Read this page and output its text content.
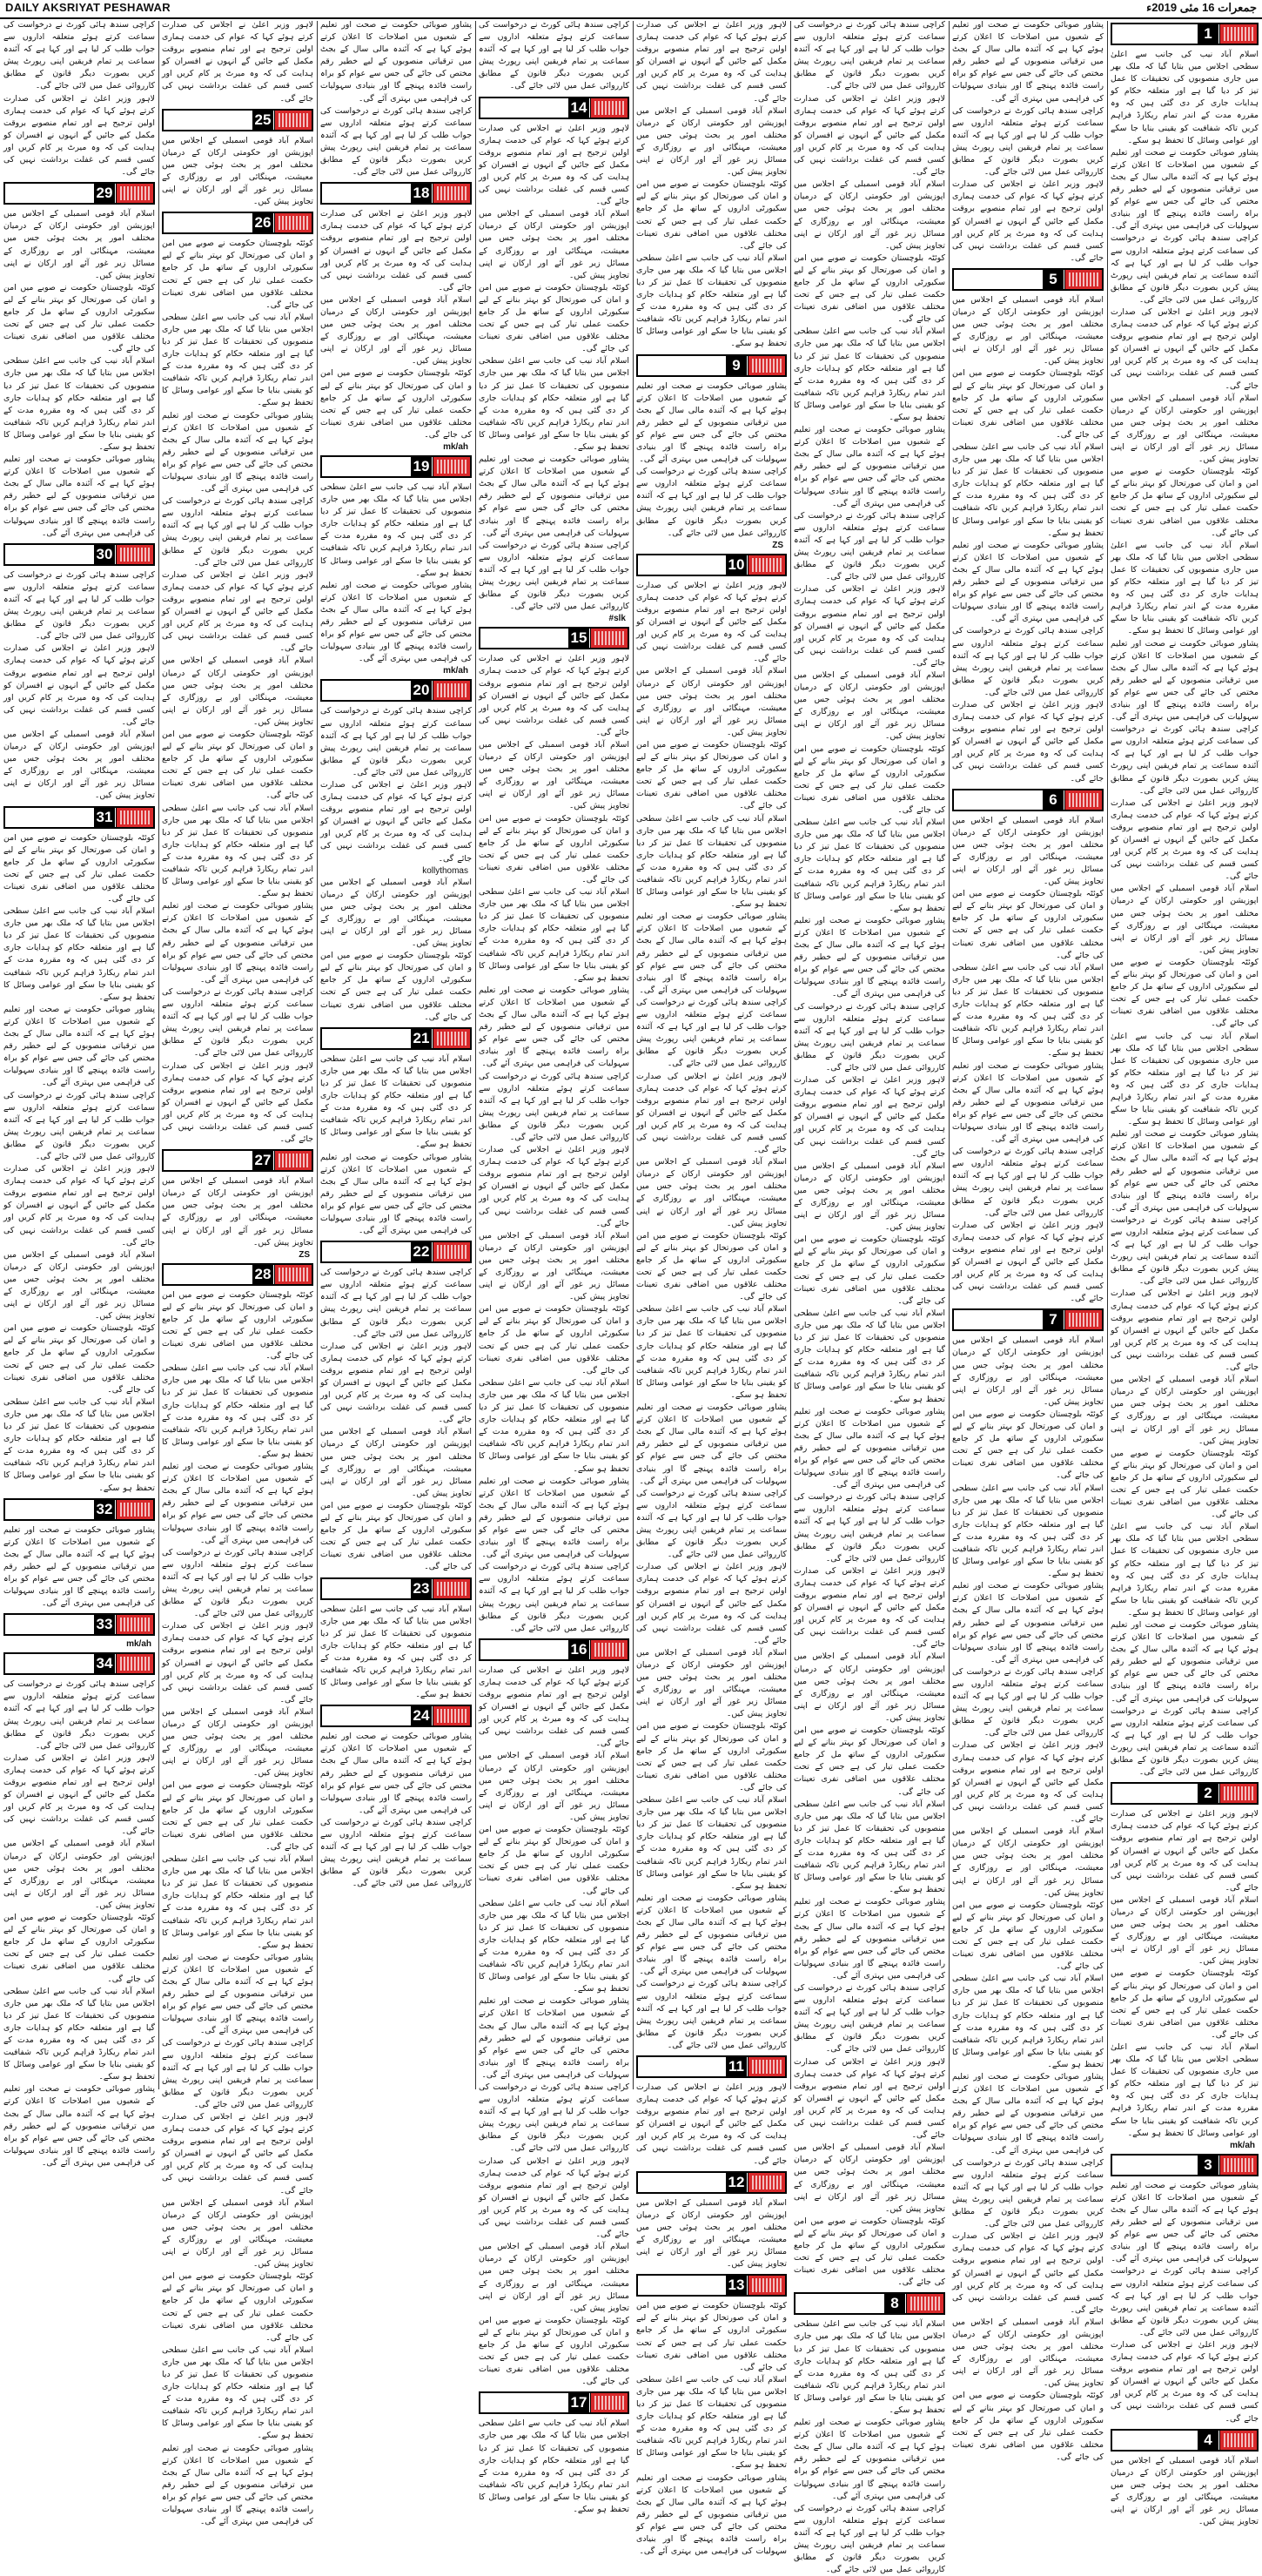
DAILY AKSRIYAT PESHAWAR	جمعرات 16 مئی 2019ء
1
اسلام آباد نیب کی جانب سے اعلیٰ سطحی اجلاس میں بتایا گیا کہ ملک بھر میں جاری منصوبوں کی تحقیقات کا عمل تیز کر دیا گیا ہے اور متعلقہ حکام کو ہدایات جاری کر دی گئی ہیں کہ وہ مقررہ مدت کے اندر تمام ریکارڈ فراہم کریں تاکہ شفافیت کو یقینی بنایا جا سکے اور عوامی وسائل کا تحفظ ہو سکے۔
پشاور صوبائی حکومت نے صحت اور تعلیم کے شعبوں میں اصلاحات کا اعلان کرتے ہوئے کہا ہے کہ آئندہ مالی سال کے بجٹ میں ترقیاتی منصوبوں کے لیے خطیر رقم مختص کی جائے گی جس سے عوام کو براہ راست فائدہ پہنچے گا اور بنیادی سہولیات کی فراہمی میں بہتری آئے گی۔
کراچی سندھ ہائی کورٹ نے درخواست کی سماعت کرتے ہوئے متعلقہ اداروں سے جواب طلب کر لیا ہے اور کہا ہے کہ آئندہ سماعت پر تمام فریقین اپنی رپورٹ پیش کریں بصورت دیگر قانون کے مطابق کارروائی عمل میں لائی جائے گی۔
لاہور وزیر اعلیٰ نے اجلاس کی صدارت کرتے ہوئے کہا کہ عوام کی خدمت ہماری اولین ترجیح ہے اور تمام منصوبے بروقت مکمل کیے جائیں گے انہوں نے افسران کو ہدایت کی کہ وہ میرٹ پر کام کریں اور کسی قسم کی غفلت برداشت نہیں کی جائے گی۔
اسلام آباد قومی اسمبلی کے اجلاس میں اپوزیشن اور حکومتی ارکان کے درمیان مختلف امور پر بحث ہوئی جس میں معیشت، مہنگائی اور بے روزگاری کے مسائل زیر غور آئے اور ارکان نے اپنی تجاویز پیش کیں۔
کوئٹہ بلوچستان حکومت نے صوبے میں امن و امان کی صورتحال کو بہتر بنانے کے لیے سکیورٹی اداروں کے ساتھ مل کر جامع حکمت عملی تیار کی ہے جس کے تحت مختلف علاقوں میں اضافی نفری تعینات کی جائے گی۔
اسلام آباد نیب کی جانب سے اعلیٰ سطحی اجلاس میں بتایا گیا کہ ملک بھر میں جاری منصوبوں کی تحقیقات کا عمل تیز کر دیا گیا ہے اور متعلقہ حکام کو ہدایات جاری کر دی گئی ہیں کہ وہ مقررہ مدت کے اندر تمام ریکارڈ فراہم کریں تاکہ شفافیت کو یقینی بنایا جا سکے اور عوامی وسائل کا تحفظ ہو سکے۔
پشاور صوبائی حکومت نے صحت اور تعلیم کے شعبوں میں اصلاحات کا اعلان کرتے ہوئے کہا ہے کہ آئندہ مالی سال کے بجٹ میں ترقیاتی منصوبوں کے لیے خطیر رقم مختص کی جائے گی جس سے عوام کو براہ راست فائدہ پہنچے گا اور بنیادی سہولیات کی فراہمی میں بہتری آئے گی۔
کراچی سندھ ہائی کورٹ نے درخواست کی سماعت کرتے ہوئے متعلقہ اداروں سے جواب طلب کر لیا ہے اور کہا ہے کہ آئندہ سماعت پر تمام فریقین اپنی رپورٹ پیش کریں بصورت دیگر قانون کے مطابق کارروائی عمل میں لائی جائے گی۔
لاہور وزیر اعلیٰ نے اجلاس کی صدارت کرتے ہوئے کہا کہ عوام کی خدمت ہماری اولین ترجیح ہے اور تمام منصوبے بروقت مکمل کیے جائیں گے انہوں نے افسران کو ہدایت کی کہ وہ میرٹ پر کام کریں اور کسی قسم کی غفلت برداشت نہیں کی جائے گی۔
اسلام آباد قومی اسمبلی کے اجلاس میں اپوزیشن اور حکومتی ارکان کے درمیان مختلف امور پر بحث ہوئی جس میں معیشت، مہنگائی اور بے روزگاری کے مسائل زیر غور آئے اور ارکان نے اپنی تجاویز پیش کیں۔
کوئٹہ بلوچستان حکومت نے صوبے میں امن و امان کی صورتحال کو بہتر بنانے کے لیے سکیورٹی اداروں کے ساتھ مل کر جامع حکمت عملی تیار کی ہے جس کے تحت مختلف علاقوں میں اضافی نفری تعینات کی جائے گی۔
اسلام آباد نیب کی جانب سے اعلیٰ سطحی اجلاس میں بتایا گیا کہ ملک بھر میں جاری منصوبوں کی تحقیقات کا عمل تیز کر دیا گیا ہے اور متعلقہ حکام کو ہدایات جاری کر دی گئی ہیں کہ وہ مقررہ مدت کے اندر تمام ریکارڈ فراہم کریں تاکہ شفافیت کو یقینی بنایا جا سکے اور عوامی وسائل کا تحفظ ہو سکے۔
پشاور صوبائی حکومت نے صحت اور تعلیم کے شعبوں میں اصلاحات کا اعلان کرتے ہوئے کہا ہے کہ آئندہ مالی سال کے بجٹ میں ترقیاتی منصوبوں کے لیے خطیر رقم مختص کی جائے گی جس سے عوام کو براہ راست فائدہ پہنچے گا اور بنیادی سہولیات کی فراہمی میں بہتری آئے گی۔
کراچی سندھ ہائی کورٹ نے درخواست کی سماعت کرتے ہوئے متعلقہ اداروں سے جواب طلب کر لیا ہے اور کہا ہے کہ آئندہ سماعت پر تمام فریقین اپنی رپورٹ پیش کریں بصورت دیگر قانون کے مطابق کارروائی عمل میں لائی جائے گی۔
لاہور وزیر اعلیٰ نے اجلاس کی صدارت کرتے ہوئے کہا کہ عوام کی خدمت ہماری اولین ترجیح ہے اور تمام منصوبے بروقت مکمل کیے جائیں گے انہوں نے افسران کو ہدایت کی کہ وہ میرٹ پر کام کریں اور کسی قسم کی غفلت برداشت نہیں کی جائے گی۔
اسلام آباد قومی اسمبلی کے اجلاس میں اپوزیشن اور حکومتی ارکان کے درمیان مختلف امور پر بحث ہوئی جس میں معیشت، مہنگائی اور بے روزگاری کے مسائل زیر غور آئے اور ارکان نے اپنی تجاویز پیش کیں۔
کوئٹہ بلوچستان حکومت نے صوبے میں امن و امان کی صورتحال کو بہتر بنانے کے لیے سکیورٹی اداروں کے ساتھ مل کر جامع حکمت عملی تیار کی ہے جس کے تحت مختلف علاقوں میں اضافی نفری تعینات کی جائے گی۔
اسلام آباد نیب کی جانب سے اعلیٰ سطحی اجلاس میں بتایا گیا کہ ملک بھر میں جاری منصوبوں کی تحقیقات کا عمل تیز کر دیا گیا ہے اور متعلقہ حکام کو ہدایات جاری کر دی گئی ہیں کہ وہ مقررہ مدت کے اندر تمام ریکارڈ فراہم کریں تاکہ شفافیت کو یقینی بنایا جا سکے اور عوامی وسائل کا تحفظ ہو سکے۔
پشاور صوبائی حکومت نے صحت اور تعلیم کے شعبوں میں اصلاحات کا اعلان کرتے ہوئے کہا ہے کہ آئندہ مالی سال کے بجٹ میں ترقیاتی منصوبوں کے لیے خطیر رقم مختص کی جائے گی جس سے عوام کو براہ راست فائدہ پہنچے گا اور بنیادی سہولیات کی فراہمی میں بہتری آئے گی۔
کراچی سندھ ہائی کورٹ نے درخواست کی سماعت کرتے ہوئے متعلقہ اداروں سے جواب طلب کر لیا ہے اور کہا ہے کہ آئندہ سماعت پر تمام فریقین اپنی رپورٹ پیش کریں بصورت دیگر قانون کے مطابق کارروائی عمل میں لائی جائے گی۔
2
لاہور وزیر اعلیٰ نے اجلاس کی صدارت کرتے ہوئے کہا کہ عوام کی خدمت ہماری اولین ترجیح ہے اور تمام منصوبے بروقت مکمل کیے جائیں گے انہوں نے افسران کو ہدایت کی کہ وہ میرٹ پر کام کریں اور کسی قسم کی غفلت برداشت نہیں کی جائے گی۔
اسلام آباد قومی اسمبلی کے اجلاس میں اپوزیشن اور حکومتی ارکان کے درمیان مختلف امور پر بحث ہوئی جس میں معیشت، مہنگائی اور بے روزگاری کے مسائل زیر غور آئے اور ارکان نے اپنی تجاویز پیش کیں۔
کوئٹہ بلوچستان حکومت نے صوبے میں امن و امان کی صورتحال کو بہتر بنانے کے لیے سکیورٹی اداروں کے ساتھ مل کر جامع حکمت عملی تیار کی ہے جس کے تحت مختلف علاقوں میں اضافی نفری تعینات کی جائے گی۔
اسلام آباد نیب کی جانب سے اعلیٰ سطحی اجلاس میں بتایا گیا کہ ملک بھر میں جاری منصوبوں کی تحقیقات کا عمل تیز کر دیا گیا ہے اور متعلقہ حکام کو ہدایات جاری کر دی گئی ہیں کہ وہ مقررہ مدت کے اندر تمام ریکارڈ فراہم کریں تاکہ شفافیت کو یقینی بنایا جا سکے اور عوامی وسائل کا تحفظ ہو سکے۔
mk/ah
3
پشاور صوبائی حکومت نے صحت اور تعلیم کے شعبوں میں اصلاحات کا اعلان کرتے ہوئے کہا ہے کہ آئندہ مالی سال کے بجٹ میں ترقیاتی منصوبوں کے لیے خطیر رقم مختص کی جائے گی جس سے عوام کو براہ راست فائدہ پہنچے گا اور بنیادی سہولیات کی فراہمی میں بہتری آئے گی۔
کراچی سندھ ہائی کورٹ نے درخواست کی سماعت کرتے ہوئے متعلقہ اداروں سے جواب طلب کر لیا ہے اور کہا ہے کہ آئندہ سماعت پر تمام فریقین اپنی رپورٹ پیش کریں بصورت دیگر قانون کے مطابق کارروائی عمل میں لائی جائے گی۔
لاہور وزیر اعلیٰ نے اجلاس کی صدارت کرتے ہوئے کہا کہ عوام کی خدمت ہماری اولین ترجیح ہے اور تمام منصوبے بروقت مکمل کیے جائیں گے انہوں نے افسران کو ہدایت کی کہ وہ میرٹ پر کام کریں اور کسی قسم کی غفلت برداشت نہیں کی جائے گی۔
4
اسلام آباد قومی اسمبلی کے اجلاس میں اپوزیشن اور حکومتی ارکان کے درمیان مختلف امور پر بحث ہوئی جس میں معیشت، مہنگائی اور بے روزگاری کے مسائل زیر غور آئے اور ارکان نے اپنی تجاویز پیش کیں۔
پشاور صوبائی حکومت نے صحت اور تعلیم کے شعبوں میں اصلاحات کا اعلان کرتے ہوئے کہا ہے کہ آئندہ مالی سال کے بجٹ میں ترقیاتی منصوبوں کے لیے خطیر رقم مختص کی جائے گی جس سے عوام کو براہ راست فائدہ پہنچے گا اور بنیادی سہولیات کی فراہمی میں بہتری آئے گی۔
کراچی سندھ ہائی کورٹ نے درخواست کی سماعت کرتے ہوئے متعلقہ اداروں سے جواب طلب کر لیا ہے اور کہا ہے کہ آئندہ سماعت پر تمام فریقین اپنی رپورٹ پیش کریں بصورت دیگر قانون کے مطابق کارروائی عمل میں لائی جائے گی۔
لاہور وزیر اعلیٰ نے اجلاس کی صدارت کرتے ہوئے کہا کہ عوام کی خدمت ہماری اولین ترجیح ہے اور تمام منصوبے بروقت مکمل کیے جائیں گے انہوں نے افسران کو ہدایت کی کہ وہ میرٹ پر کام کریں اور کسی قسم کی غفلت برداشت نہیں کی جائے گی۔
5
اسلام آباد قومی اسمبلی کے اجلاس میں اپوزیشن اور حکومتی ارکان کے درمیان مختلف امور پر بحث ہوئی جس میں معیشت، مہنگائی اور بے روزگاری کے مسائل زیر غور آئے اور ارکان نے اپنی تجاویز پیش کیں۔
کوئٹہ بلوچستان حکومت نے صوبے میں امن و امان کی صورتحال کو بہتر بنانے کے لیے سکیورٹی اداروں کے ساتھ مل کر جامع حکمت عملی تیار کی ہے جس کے تحت مختلف علاقوں میں اضافی نفری تعینات کی جائے گی۔
اسلام آباد نیب کی جانب سے اعلیٰ سطحی اجلاس میں بتایا گیا کہ ملک بھر میں جاری منصوبوں کی تحقیقات کا عمل تیز کر دیا گیا ہے اور متعلقہ حکام کو ہدایات جاری کر دی گئی ہیں کہ وہ مقررہ مدت کے اندر تمام ریکارڈ فراہم کریں تاکہ شفافیت کو یقینی بنایا جا سکے اور عوامی وسائل کا تحفظ ہو سکے۔
پشاور صوبائی حکومت نے صحت اور تعلیم کے شعبوں میں اصلاحات کا اعلان کرتے ہوئے کہا ہے کہ آئندہ مالی سال کے بجٹ میں ترقیاتی منصوبوں کے لیے خطیر رقم مختص کی جائے گی جس سے عوام کو براہ راست فائدہ پہنچے گا اور بنیادی سہولیات کی فراہمی میں بہتری آئے گی۔
کراچی سندھ ہائی کورٹ نے درخواست کی سماعت کرتے ہوئے متعلقہ اداروں سے جواب طلب کر لیا ہے اور کہا ہے کہ آئندہ سماعت پر تمام فریقین اپنی رپورٹ پیش کریں بصورت دیگر قانون کے مطابق کارروائی عمل میں لائی جائے گی۔
لاہور وزیر اعلیٰ نے اجلاس کی صدارت کرتے ہوئے کہا کہ عوام کی خدمت ہماری اولین ترجیح ہے اور تمام منصوبے بروقت مکمل کیے جائیں گے انہوں نے افسران کو ہدایت کی کہ وہ میرٹ پر کام کریں اور کسی قسم کی غفلت برداشت نہیں کی جائے گی۔
6
اسلام آباد قومی اسمبلی کے اجلاس میں اپوزیشن اور حکومتی ارکان کے درمیان مختلف امور پر بحث ہوئی جس میں معیشت، مہنگائی اور بے روزگاری کے مسائل زیر غور آئے اور ارکان نے اپنی تجاویز پیش کیں۔
کوئٹہ بلوچستان حکومت نے صوبے میں امن و امان کی صورتحال کو بہتر بنانے کے لیے سکیورٹی اداروں کے ساتھ مل کر جامع حکمت عملی تیار کی ہے جس کے تحت مختلف علاقوں میں اضافی نفری تعینات کی جائے گی۔
اسلام آباد نیب کی جانب سے اعلیٰ سطحی اجلاس میں بتایا گیا کہ ملک بھر میں جاری منصوبوں کی تحقیقات کا عمل تیز کر دیا گیا ہے اور متعلقہ حکام کو ہدایات جاری کر دی گئی ہیں کہ وہ مقررہ مدت کے اندر تمام ریکارڈ فراہم کریں تاکہ شفافیت کو یقینی بنایا جا سکے اور عوامی وسائل کا تحفظ ہو سکے۔
پشاور صوبائی حکومت نے صحت اور تعلیم کے شعبوں میں اصلاحات کا اعلان کرتے ہوئے کہا ہے کہ آئندہ مالی سال کے بجٹ میں ترقیاتی منصوبوں کے لیے خطیر رقم مختص کی جائے گی جس سے عوام کو براہ راست فائدہ پہنچے گا اور بنیادی سہولیات کی فراہمی میں بہتری آئے گی۔
کراچی سندھ ہائی کورٹ نے درخواست کی سماعت کرتے ہوئے متعلقہ اداروں سے جواب طلب کر لیا ہے اور کہا ہے کہ آئندہ سماعت پر تمام فریقین اپنی رپورٹ پیش کریں بصورت دیگر قانون کے مطابق کارروائی عمل میں لائی جائے گی۔
لاہور وزیر اعلیٰ نے اجلاس کی صدارت کرتے ہوئے کہا کہ عوام کی خدمت ہماری اولین ترجیح ہے اور تمام منصوبے بروقت مکمل کیے جائیں گے انہوں نے افسران کو ہدایت کی کہ وہ میرٹ پر کام کریں اور کسی قسم کی غفلت برداشت نہیں کی جائے گی۔
7
اسلام آباد قومی اسمبلی کے اجلاس میں اپوزیشن اور حکومتی ارکان کے درمیان مختلف امور پر بحث ہوئی جس میں معیشت، مہنگائی اور بے روزگاری کے مسائل زیر غور آئے اور ارکان نے اپنی تجاویز پیش کیں۔
کوئٹہ بلوچستان حکومت نے صوبے میں امن و امان کی صورتحال کو بہتر بنانے کے لیے سکیورٹی اداروں کے ساتھ مل کر جامع حکمت عملی تیار کی ہے جس کے تحت مختلف علاقوں میں اضافی نفری تعینات کی جائے گی۔
اسلام آباد نیب کی جانب سے اعلیٰ سطحی اجلاس میں بتایا گیا کہ ملک بھر میں جاری منصوبوں کی تحقیقات کا عمل تیز کر دیا گیا ہے اور متعلقہ حکام کو ہدایات جاری کر دی گئی ہیں کہ وہ مقررہ مدت کے اندر تمام ریکارڈ فراہم کریں تاکہ شفافیت کو یقینی بنایا جا سکے اور عوامی وسائل کا تحفظ ہو سکے۔
پشاور صوبائی حکومت نے صحت اور تعلیم کے شعبوں میں اصلاحات کا اعلان کرتے ہوئے کہا ہے کہ آئندہ مالی سال کے بجٹ میں ترقیاتی منصوبوں کے لیے خطیر رقم مختص کی جائے گی جس سے عوام کو براہ راست فائدہ پہنچے گا اور بنیادی سہولیات کی فراہمی میں بہتری آئے گی۔
کراچی سندھ ہائی کورٹ نے درخواست کی سماعت کرتے ہوئے متعلقہ اداروں سے جواب طلب کر لیا ہے اور کہا ہے کہ آئندہ سماعت پر تمام فریقین اپنی رپورٹ پیش کریں بصورت دیگر قانون کے مطابق کارروائی عمل میں لائی جائے گی۔
لاہور وزیر اعلیٰ نے اجلاس کی صدارت کرتے ہوئے کہا کہ عوام کی خدمت ہماری اولین ترجیح ہے اور تمام منصوبے بروقت مکمل کیے جائیں گے انہوں نے افسران کو ہدایت کی کہ وہ میرٹ پر کام کریں اور کسی قسم کی غفلت برداشت نہیں کی جائے گی۔
اسلام آباد قومی اسمبلی کے اجلاس میں اپوزیشن اور حکومتی ارکان کے درمیان مختلف امور پر بحث ہوئی جس میں معیشت، مہنگائی اور بے روزگاری کے مسائل زیر غور آئے اور ارکان نے اپنی تجاویز پیش کیں۔
کوئٹہ بلوچستان حکومت نے صوبے میں امن و امان کی صورتحال کو بہتر بنانے کے لیے سکیورٹی اداروں کے ساتھ مل کر جامع حکمت عملی تیار کی ہے جس کے تحت مختلف علاقوں میں اضافی نفری تعینات کی جائے گی۔
اسلام آباد نیب کی جانب سے اعلیٰ سطحی اجلاس میں بتایا گیا کہ ملک بھر میں جاری منصوبوں کی تحقیقات کا عمل تیز کر دیا گیا ہے اور متعلقہ حکام کو ہدایات جاری کر دی گئی ہیں کہ وہ مقررہ مدت کے اندر تمام ریکارڈ فراہم کریں تاکہ شفافیت کو یقینی بنایا جا سکے اور عوامی وسائل کا تحفظ ہو سکے۔
پشاور صوبائی حکومت نے صحت اور تعلیم کے شعبوں میں اصلاحات کا اعلان کرتے ہوئے کہا ہے کہ آئندہ مالی سال کے بجٹ میں ترقیاتی منصوبوں کے لیے خطیر رقم مختص کی جائے گی جس سے عوام کو براہ راست فائدہ پہنچے گا اور بنیادی سہولیات کی فراہمی میں بہتری آئے گی۔
کراچی سندھ ہائی کورٹ نے درخواست کی سماعت کرتے ہوئے متعلقہ اداروں سے جواب طلب کر لیا ہے اور کہا ہے کہ آئندہ سماعت پر تمام فریقین اپنی رپورٹ پیش کریں بصورت دیگر قانون کے مطابق کارروائی عمل میں لائی جائے گی۔
لاہور وزیر اعلیٰ نے اجلاس کی صدارت کرتے ہوئے کہا کہ عوام کی خدمت ہماری اولین ترجیح ہے اور تمام منصوبے بروقت مکمل کیے جائیں گے انہوں نے افسران کو ہدایت کی کہ وہ میرٹ پر کام کریں اور کسی قسم کی غفلت برداشت نہیں کی جائے گی۔
اسلام آباد قومی اسمبلی کے اجلاس میں اپوزیشن اور حکومتی ارکان کے درمیان مختلف امور پر بحث ہوئی جس میں معیشت، مہنگائی اور بے روزگاری کے مسائل زیر غور آئے اور ارکان نے اپنی تجاویز پیش کیں۔
کوئٹہ بلوچستان حکومت نے صوبے میں امن و امان کی صورتحال کو بہتر بنانے کے لیے سکیورٹی اداروں کے ساتھ مل کر جامع حکمت عملی تیار کی ہے جس کے تحت مختلف علاقوں میں اضافی نفری تعینات کی جائے گی۔
کراچی سندھ ہائی کورٹ نے درخواست کی سماعت کرتے ہوئے متعلقہ اداروں سے جواب طلب کر لیا ہے اور کہا ہے کہ آئندہ سماعت پر تمام فریقین اپنی رپورٹ پیش کریں بصورت دیگر قانون کے مطابق کارروائی عمل میں لائی جائے گی۔
لاہور وزیر اعلیٰ نے اجلاس کی صدارت کرتے ہوئے کہا کہ عوام کی خدمت ہماری اولین ترجیح ہے اور تمام منصوبے بروقت مکمل کیے جائیں گے انہوں نے افسران کو ہدایت کی کہ وہ میرٹ پر کام کریں اور کسی قسم کی غفلت برداشت نہیں کی جائے گی۔
اسلام آباد قومی اسمبلی کے اجلاس میں اپوزیشن اور حکومتی ارکان کے درمیان مختلف امور پر بحث ہوئی جس میں معیشت، مہنگائی اور بے روزگاری کے مسائل زیر غور آئے اور ارکان نے اپنی تجاویز پیش کیں۔
کوئٹہ بلوچستان حکومت نے صوبے میں امن و امان کی صورتحال کو بہتر بنانے کے لیے سکیورٹی اداروں کے ساتھ مل کر جامع حکمت عملی تیار کی ہے جس کے تحت مختلف علاقوں میں اضافی نفری تعینات کی جائے گی۔
اسلام آباد نیب کی جانب سے اعلیٰ سطحی اجلاس میں بتایا گیا کہ ملک بھر میں جاری منصوبوں کی تحقیقات کا عمل تیز کر دیا گیا ہے اور متعلقہ حکام کو ہدایات جاری کر دی گئی ہیں کہ وہ مقررہ مدت کے اندر تمام ریکارڈ فراہم کریں تاکہ شفافیت کو یقینی بنایا جا سکے اور عوامی وسائل کا تحفظ ہو سکے۔
پشاور صوبائی حکومت نے صحت اور تعلیم کے شعبوں میں اصلاحات کا اعلان کرتے ہوئے کہا ہے کہ آئندہ مالی سال کے بجٹ میں ترقیاتی منصوبوں کے لیے خطیر رقم مختص کی جائے گی جس سے عوام کو براہ راست فائدہ پہنچے گا اور بنیادی سہولیات کی فراہمی میں بہتری آئے گی۔
کراچی سندھ ہائی کورٹ نے درخواست کی سماعت کرتے ہوئے متعلقہ اداروں سے جواب طلب کر لیا ہے اور کہا ہے کہ آئندہ سماعت پر تمام فریقین اپنی رپورٹ پیش کریں بصورت دیگر قانون کے مطابق کارروائی عمل میں لائی جائے گی۔
لاہور وزیر اعلیٰ نے اجلاس کی صدارت کرتے ہوئے کہا کہ عوام کی خدمت ہماری اولین ترجیح ہے اور تمام منصوبے بروقت مکمل کیے جائیں گے انہوں نے افسران کو ہدایت کی کہ وہ میرٹ پر کام کریں اور کسی قسم کی غفلت برداشت نہیں کی جائے گی۔
اسلام آباد قومی اسمبلی کے اجلاس میں اپوزیشن اور حکومتی ارکان کے درمیان مختلف امور پر بحث ہوئی جس میں معیشت، مہنگائی اور بے روزگاری کے مسائل زیر غور آئے اور ارکان نے اپنی تجاویز پیش کیں۔
کوئٹہ بلوچستان حکومت نے صوبے میں امن و امان کی صورتحال کو بہتر بنانے کے لیے سکیورٹی اداروں کے ساتھ مل کر جامع حکمت عملی تیار کی ہے جس کے تحت مختلف علاقوں میں اضافی نفری تعینات کی جائے گی۔
اسلام آباد نیب کی جانب سے اعلیٰ سطحی اجلاس میں بتایا گیا کہ ملک بھر میں جاری منصوبوں کی تحقیقات کا عمل تیز کر دیا گیا ہے اور متعلقہ حکام کو ہدایات جاری کر دی گئی ہیں کہ وہ مقررہ مدت کے اندر تمام ریکارڈ فراہم کریں تاکہ شفافیت کو یقینی بنایا جا سکے اور عوامی وسائل کا تحفظ ہو سکے۔
پشاور صوبائی حکومت نے صحت اور تعلیم کے شعبوں میں اصلاحات کا اعلان کرتے ہوئے کہا ہے کہ آئندہ مالی سال کے بجٹ میں ترقیاتی منصوبوں کے لیے خطیر رقم مختص کی جائے گی جس سے عوام کو براہ راست فائدہ پہنچے گا اور بنیادی سہولیات کی فراہمی میں بہتری آئے گی۔
کراچی سندھ ہائی کورٹ نے درخواست کی سماعت کرتے ہوئے متعلقہ اداروں سے جواب طلب کر لیا ہے اور کہا ہے کہ آئندہ سماعت پر تمام فریقین اپنی رپورٹ پیش کریں بصورت دیگر قانون کے مطابق کارروائی عمل میں لائی جائے گی۔
لاہور وزیر اعلیٰ نے اجلاس کی صدارت کرتے ہوئے کہا کہ عوام کی خدمت ہماری اولین ترجیح ہے اور تمام منصوبے بروقت مکمل کیے جائیں گے انہوں نے افسران کو ہدایت کی کہ وہ میرٹ پر کام کریں اور کسی قسم کی غفلت برداشت نہیں کی جائے گی۔
اسلام آباد قومی اسمبلی کے اجلاس میں اپوزیشن اور حکومتی ارکان کے درمیان مختلف امور پر بحث ہوئی جس میں معیشت، مہنگائی اور بے روزگاری کے مسائل زیر غور آئے اور ارکان نے اپنی تجاویز پیش کیں۔
کوئٹہ بلوچستان حکومت نے صوبے میں امن و امان کی صورتحال کو بہتر بنانے کے لیے سکیورٹی اداروں کے ساتھ مل کر جامع حکمت عملی تیار کی ہے جس کے تحت مختلف علاقوں میں اضافی نفری تعینات کی جائے گی۔
اسلام آباد نیب کی جانب سے اعلیٰ سطحی اجلاس میں بتایا گیا کہ ملک بھر میں جاری منصوبوں کی تحقیقات کا عمل تیز کر دیا گیا ہے اور متعلقہ حکام کو ہدایات جاری کر دی گئی ہیں کہ وہ مقررہ مدت کے اندر تمام ریکارڈ فراہم کریں تاکہ شفافیت کو یقینی بنایا جا سکے اور عوامی وسائل کا تحفظ ہو سکے۔
پشاور صوبائی حکومت نے صحت اور تعلیم کے شعبوں میں اصلاحات کا اعلان کرتے ہوئے کہا ہے کہ آئندہ مالی سال کے بجٹ میں ترقیاتی منصوبوں کے لیے خطیر رقم مختص کی جائے گی جس سے عوام کو براہ راست فائدہ پہنچے گا اور بنیادی سہولیات کی فراہمی میں بہتری آئے گی۔
کراچی سندھ ہائی کورٹ نے درخواست کی سماعت کرتے ہوئے متعلقہ اداروں سے جواب طلب کر لیا ہے اور کہا ہے کہ آئندہ سماعت پر تمام فریقین اپنی رپورٹ پیش کریں بصورت دیگر قانون کے مطابق کارروائی عمل میں لائی جائے گی۔
لاہور وزیر اعلیٰ نے اجلاس کی صدارت کرتے ہوئے کہا کہ عوام کی خدمت ہماری اولین ترجیح ہے اور تمام منصوبے بروقت مکمل کیے جائیں گے انہوں نے افسران کو ہدایت کی کہ وہ میرٹ پر کام کریں اور کسی قسم کی غفلت برداشت نہیں کی جائے گی۔
اسلام آباد قومی اسمبلی کے اجلاس میں اپوزیشن اور حکومتی ارکان کے درمیان مختلف امور پر بحث ہوئی جس میں معیشت، مہنگائی اور بے روزگاری کے مسائل زیر غور آئے اور ارکان نے اپنی تجاویز پیش کیں۔
کوئٹہ بلوچستان حکومت نے صوبے میں امن و امان کی صورتحال کو بہتر بنانے کے لیے سکیورٹی اداروں کے ساتھ مل کر جامع حکمت عملی تیار کی ہے جس کے تحت مختلف علاقوں میں اضافی نفری تعینات کی جائے گی۔
اسلام آباد نیب کی جانب سے اعلیٰ سطحی اجلاس میں بتایا گیا کہ ملک بھر میں جاری منصوبوں کی تحقیقات کا عمل تیز کر دیا گیا ہے اور متعلقہ حکام کو ہدایات جاری کر دی گئی ہیں کہ وہ مقررہ مدت کے اندر تمام ریکارڈ فراہم کریں تاکہ شفافیت کو یقینی بنایا جا سکے اور عوامی وسائل کا تحفظ ہو سکے۔
پشاور صوبائی حکومت نے صحت اور تعلیم کے شعبوں میں اصلاحات کا اعلان کرتے ہوئے کہا ہے کہ آئندہ مالی سال کے بجٹ میں ترقیاتی منصوبوں کے لیے خطیر رقم مختص کی جائے گی جس سے عوام کو براہ راست فائدہ پہنچے گا اور بنیادی سہولیات کی فراہمی میں بہتری آئے گی۔
کراچی سندھ ہائی کورٹ نے درخواست کی سماعت کرتے ہوئے متعلقہ اداروں سے جواب طلب کر لیا ہے اور کہا ہے کہ آئندہ سماعت پر تمام فریقین اپنی رپورٹ پیش کریں بصورت دیگر قانون کے مطابق کارروائی عمل میں لائی جائے گی۔
لاہور وزیر اعلیٰ نے اجلاس کی صدارت کرتے ہوئے کہا کہ عوام کی خدمت ہماری اولین ترجیح ہے اور تمام منصوبے بروقت مکمل کیے جائیں گے انہوں نے افسران کو ہدایت کی کہ وہ میرٹ پر کام کریں اور کسی قسم کی غفلت برداشت نہیں کی جائے گی۔
اسلام آباد قومی اسمبلی کے اجلاس میں اپوزیشن اور حکومتی ارکان کے درمیان مختلف امور پر بحث ہوئی جس میں معیشت، مہنگائی اور بے روزگاری کے مسائل زیر غور آئے اور ارکان نے اپنی تجاویز پیش کیں۔
کوئٹہ بلوچستان حکومت نے صوبے میں امن و امان کی صورتحال کو بہتر بنانے کے لیے سکیورٹی اداروں کے ساتھ مل کر جامع حکمت عملی تیار کی ہے جس کے تحت مختلف علاقوں میں اضافی نفری تعینات کی جائے گی۔
8
اسلام آباد نیب کی جانب سے اعلیٰ سطحی اجلاس میں بتایا گیا کہ ملک بھر میں جاری منصوبوں کی تحقیقات کا عمل تیز کر دیا گیا ہے اور متعلقہ حکام کو ہدایات جاری کر دی گئی ہیں کہ وہ مقررہ مدت کے اندر تمام ریکارڈ فراہم کریں تاکہ شفافیت کو یقینی بنایا جا سکے اور عوامی وسائل کا تحفظ ہو سکے۔
پشاور صوبائی حکومت نے صحت اور تعلیم کے شعبوں میں اصلاحات کا اعلان کرتے ہوئے کہا ہے کہ آئندہ مالی سال کے بجٹ میں ترقیاتی منصوبوں کے لیے خطیر رقم مختص کی جائے گی جس سے عوام کو براہ راست فائدہ پہنچے گا اور بنیادی سہولیات کی فراہمی میں بہتری آئے گی۔
کراچی سندھ ہائی کورٹ نے درخواست کی سماعت کرتے ہوئے متعلقہ اداروں سے جواب طلب کر لیا ہے اور کہا ہے کہ آئندہ سماعت پر تمام فریقین اپنی رپورٹ پیش کریں بصورت دیگر قانون کے مطابق کارروائی عمل میں لائی جائے گی۔
لاہور وزیر اعلیٰ نے اجلاس کی صدارت کرتے ہوئے کہا کہ عوام کی خدمت ہماری اولین ترجیح ہے اور تمام منصوبے بروقت مکمل کیے جائیں گے انہوں نے افسران کو ہدایت کی کہ وہ میرٹ پر کام کریں اور کسی قسم کی غفلت برداشت نہیں کی جائے گی۔
اسلام آباد قومی اسمبلی کے اجلاس میں اپوزیشن اور حکومتی ارکان کے درمیان مختلف امور پر بحث ہوئی جس میں معیشت، مہنگائی اور بے روزگاری کے مسائل زیر غور آئے اور ارکان نے اپنی تجاویز پیش کیں۔
کوئٹہ بلوچستان حکومت نے صوبے میں امن و امان کی صورتحال کو بہتر بنانے کے لیے سکیورٹی اداروں کے ساتھ مل کر جامع حکمت عملی تیار کی ہے جس کے تحت مختلف علاقوں میں اضافی نفری تعینات کی جائے گی۔
اسلام آباد نیب کی جانب سے اعلیٰ سطحی اجلاس میں بتایا گیا کہ ملک بھر میں جاری منصوبوں کی تحقیقات کا عمل تیز کر دیا گیا ہے اور متعلقہ حکام کو ہدایات جاری کر دی گئی ہیں کہ وہ مقررہ مدت کے اندر تمام ریکارڈ فراہم کریں تاکہ شفافیت کو یقینی بنایا جا سکے اور عوامی وسائل کا تحفظ ہو سکے۔
9
پشاور صوبائی حکومت نے صحت اور تعلیم کے شعبوں میں اصلاحات کا اعلان کرتے ہوئے کہا ہے کہ آئندہ مالی سال کے بجٹ میں ترقیاتی منصوبوں کے لیے خطیر رقم مختص کی جائے گی جس سے عوام کو براہ راست فائدہ پہنچے گا اور بنیادی سہولیات کی فراہمی میں بہتری آئے گی۔
کراچی سندھ ہائی کورٹ نے درخواست کی سماعت کرتے ہوئے متعلقہ اداروں سے جواب طلب کر لیا ہے اور کہا ہے کہ آئندہ سماعت پر تمام فریقین اپنی رپورٹ پیش کریں بصورت دیگر قانون کے مطابق کارروائی عمل میں لائی جائے گی۔
ZS
10
لاہور وزیر اعلیٰ نے اجلاس کی صدارت کرتے ہوئے کہا کہ عوام کی خدمت ہماری اولین ترجیح ہے اور تمام منصوبے بروقت مکمل کیے جائیں گے انہوں نے افسران کو ہدایت کی کہ وہ میرٹ پر کام کریں اور کسی قسم کی غفلت برداشت نہیں کی جائے گی۔
اسلام آباد قومی اسمبلی کے اجلاس میں اپوزیشن اور حکومتی ارکان کے درمیان مختلف امور پر بحث ہوئی جس میں معیشت، مہنگائی اور بے روزگاری کے مسائل زیر غور آئے اور ارکان نے اپنی تجاویز پیش کیں۔
کوئٹہ بلوچستان حکومت نے صوبے میں امن و امان کی صورتحال کو بہتر بنانے کے لیے سکیورٹی اداروں کے ساتھ مل کر جامع حکمت عملی تیار کی ہے جس کے تحت مختلف علاقوں میں اضافی نفری تعینات کی جائے گی۔
اسلام آباد نیب کی جانب سے اعلیٰ سطحی اجلاس میں بتایا گیا کہ ملک بھر میں جاری منصوبوں کی تحقیقات کا عمل تیز کر دیا گیا ہے اور متعلقہ حکام کو ہدایات جاری کر دی گئی ہیں کہ وہ مقررہ مدت کے اندر تمام ریکارڈ فراہم کریں تاکہ شفافیت کو یقینی بنایا جا سکے اور عوامی وسائل کا تحفظ ہو سکے۔
پشاور صوبائی حکومت نے صحت اور تعلیم کے شعبوں میں اصلاحات کا اعلان کرتے ہوئے کہا ہے کہ آئندہ مالی سال کے بجٹ میں ترقیاتی منصوبوں کے لیے خطیر رقم مختص کی جائے گی جس سے عوام کو براہ راست فائدہ پہنچے گا اور بنیادی سہولیات کی فراہمی میں بہتری آئے گی۔
کراچی سندھ ہائی کورٹ نے درخواست کی سماعت کرتے ہوئے متعلقہ اداروں سے جواب طلب کر لیا ہے اور کہا ہے کہ آئندہ سماعت پر تمام فریقین اپنی رپورٹ پیش کریں بصورت دیگر قانون کے مطابق کارروائی عمل میں لائی جائے گی۔
لاہور وزیر اعلیٰ نے اجلاس کی صدارت کرتے ہوئے کہا کہ عوام کی خدمت ہماری اولین ترجیح ہے اور تمام منصوبے بروقت مکمل کیے جائیں گے انہوں نے افسران کو ہدایت کی کہ وہ میرٹ پر کام کریں اور کسی قسم کی غفلت برداشت نہیں کی جائے گی۔
اسلام آباد قومی اسمبلی کے اجلاس میں اپوزیشن اور حکومتی ارکان کے درمیان مختلف امور پر بحث ہوئی جس میں معیشت، مہنگائی اور بے روزگاری کے مسائل زیر غور آئے اور ارکان نے اپنی تجاویز پیش کیں۔
کوئٹہ بلوچستان حکومت نے صوبے میں امن و امان کی صورتحال کو بہتر بنانے کے لیے سکیورٹی اداروں کے ساتھ مل کر جامع حکمت عملی تیار کی ہے جس کے تحت مختلف علاقوں میں اضافی نفری تعینات کی جائے گی۔
اسلام آباد نیب کی جانب سے اعلیٰ سطحی اجلاس میں بتایا گیا کہ ملک بھر میں جاری منصوبوں کی تحقیقات کا عمل تیز کر دیا گیا ہے اور متعلقہ حکام کو ہدایات جاری کر دی گئی ہیں کہ وہ مقررہ مدت کے اندر تمام ریکارڈ فراہم کریں تاکہ شفافیت کو یقینی بنایا جا سکے اور عوامی وسائل کا تحفظ ہو سکے۔
پشاور صوبائی حکومت نے صحت اور تعلیم کے شعبوں میں اصلاحات کا اعلان کرتے ہوئے کہا ہے کہ آئندہ مالی سال کے بجٹ میں ترقیاتی منصوبوں کے لیے خطیر رقم مختص کی جائے گی جس سے عوام کو براہ راست فائدہ پہنچے گا اور بنیادی سہولیات کی فراہمی میں بہتری آئے گی۔
کراچی سندھ ہائی کورٹ نے درخواست کی سماعت کرتے ہوئے متعلقہ اداروں سے جواب طلب کر لیا ہے اور کہا ہے کہ آئندہ سماعت پر تمام فریقین اپنی رپورٹ پیش کریں بصورت دیگر قانون کے مطابق کارروائی عمل میں لائی جائے گی۔
لاہور وزیر اعلیٰ نے اجلاس کی صدارت کرتے ہوئے کہا کہ عوام کی خدمت ہماری اولین ترجیح ہے اور تمام منصوبے بروقت مکمل کیے جائیں گے انہوں نے افسران کو ہدایت کی کہ وہ میرٹ پر کام کریں اور کسی قسم کی غفلت برداشت نہیں کی جائے گی۔
اسلام آباد قومی اسمبلی کے اجلاس میں اپوزیشن اور حکومتی ارکان کے درمیان مختلف امور پر بحث ہوئی جس میں معیشت، مہنگائی اور بے روزگاری کے مسائل زیر غور آئے اور ارکان نے اپنی تجاویز پیش کیں۔
کوئٹہ بلوچستان حکومت نے صوبے میں امن و امان کی صورتحال کو بہتر بنانے کے لیے سکیورٹی اداروں کے ساتھ مل کر جامع حکمت عملی تیار کی ہے جس کے تحت مختلف علاقوں میں اضافی نفری تعینات کی جائے گی۔
اسلام آباد نیب کی جانب سے اعلیٰ سطحی اجلاس میں بتایا گیا کہ ملک بھر میں جاری منصوبوں کی تحقیقات کا عمل تیز کر دیا گیا ہے اور متعلقہ حکام کو ہدایات جاری کر دی گئی ہیں کہ وہ مقررہ مدت کے اندر تمام ریکارڈ فراہم کریں تاکہ شفافیت کو یقینی بنایا جا سکے اور عوامی وسائل کا تحفظ ہو سکے۔
پشاور صوبائی حکومت نے صحت اور تعلیم کے شعبوں میں اصلاحات کا اعلان کرتے ہوئے کہا ہے کہ آئندہ مالی سال کے بجٹ میں ترقیاتی منصوبوں کے لیے خطیر رقم مختص کی جائے گی جس سے عوام کو براہ راست فائدہ پہنچے گا اور بنیادی سہولیات کی فراہمی میں بہتری آئے گی۔
کراچی سندھ ہائی کورٹ نے درخواست کی سماعت کرتے ہوئے متعلقہ اداروں سے جواب طلب کر لیا ہے اور کہا ہے کہ آئندہ سماعت پر تمام فریقین اپنی رپورٹ پیش کریں بصورت دیگر قانون کے مطابق کارروائی عمل میں لائی جائے گی۔
11
لاہور وزیر اعلیٰ نے اجلاس کی صدارت کرتے ہوئے کہا کہ عوام کی خدمت ہماری اولین ترجیح ہے اور تمام منصوبے بروقت مکمل کیے جائیں گے انہوں نے افسران کو ہدایت کی کہ وہ میرٹ پر کام کریں اور کسی قسم کی غفلت برداشت نہیں کی جائے گی۔
12
اسلام آباد قومی اسمبلی کے اجلاس میں اپوزیشن اور حکومتی ارکان کے درمیان مختلف امور پر بحث ہوئی جس میں معیشت، مہنگائی اور بے روزگاری کے مسائل زیر غور آئے اور ارکان نے اپنی تجاویز پیش کیں۔
13
کوئٹہ بلوچستان حکومت نے صوبے میں امن و امان کی صورتحال کو بہتر بنانے کے لیے سکیورٹی اداروں کے ساتھ مل کر جامع حکمت عملی تیار کی ہے جس کے تحت مختلف علاقوں میں اضافی نفری تعینات کی جائے گی۔
اسلام آباد نیب کی جانب سے اعلیٰ سطحی اجلاس میں بتایا گیا کہ ملک بھر میں جاری منصوبوں کی تحقیقات کا عمل تیز کر دیا گیا ہے اور متعلقہ حکام کو ہدایات جاری کر دی گئی ہیں کہ وہ مقررہ مدت کے اندر تمام ریکارڈ فراہم کریں تاکہ شفافیت کو یقینی بنایا جا سکے اور عوامی وسائل کا تحفظ ہو سکے۔
پشاور صوبائی حکومت نے صحت اور تعلیم کے شعبوں میں اصلاحات کا اعلان کرتے ہوئے کہا ہے کہ آئندہ مالی سال کے بجٹ میں ترقیاتی منصوبوں کے لیے خطیر رقم مختص کی جائے گی جس سے عوام کو براہ راست فائدہ پہنچے گا اور بنیادی سہولیات کی فراہمی میں بہتری آئے گی۔
کراچی سندھ ہائی کورٹ نے درخواست کی سماعت کرتے ہوئے متعلقہ اداروں سے جواب طلب کر لیا ہے اور کہا ہے کہ آئندہ سماعت پر تمام فریقین اپنی رپورٹ پیش کریں بصورت دیگر قانون کے مطابق کارروائی عمل میں لائی جائے گی۔
14
لاہور وزیر اعلیٰ نے اجلاس کی صدارت کرتے ہوئے کہا کہ عوام کی خدمت ہماری اولین ترجیح ہے اور تمام منصوبے بروقت مکمل کیے جائیں گے انہوں نے افسران کو ہدایت کی کہ وہ میرٹ پر کام کریں اور کسی قسم کی غفلت برداشت نہیں کی جائے گی۔
اسلام آباد قومی اسمبلی کے اجلاس میں اپوزیشن اور حکومتی ارکان کے درمیان مختلف امور پر بحث ہوئی جس میں معیشت، مہنگائی اور بے روزگاری کے مسائل زیر غور آئے اور ارکان نے اپنی تجاویز پیش کیں۔
کوئٹہ بلوچستان حکومت نے صوبے میں امن و امان کی صورتحال کو بہتر بنانے کے لیے سکیورٹی اداروں کے ساتھ مل کر جامع حکمت عملی تیار کی ہے جس کے تحت مختلف علاقوں میں اضافی نفری تعینات کی جائے گی۔
اسلام آباد نیب کی جانب سے اعلیٰ سطحی اجلاس میں بتایا گیا کہ ملک بھر میں جاری منصوبوں کی تحقیقات کا عمل تیز کر دیا گیا ہے اور متعلقہ حکام کو ہدایات جاری کر دی گئی ہیں کہ وہ مقررہ مدت کے اندر تمام ریکارڈ فراہم کریں تاکہ شفافیت کو یقینی بنایا جا سکے اور عوامی وسائل کا تحفظ ہو سکے۔
پشاور صوبائی حکومت نے صحت اور تعلیم کے شعبوں میں اصلاحات کا اعلان کرتے ہوئے کہا ہے کہ آئندہ مالی سال کے بجٹ میں ترقیاتی منصوبوں کے لیے خطیر رقم مختص کی جائے گی جس سے عوام کو براہ راست فائدہ پہنچے گا اور بنیادی سہولیات کی فراہمی میں بہتری آئے گی۔
کراچی سندھ ہائی کورٹ نے درخواست کی سماعت کرتے ہوئے متعلقہ اداروں سے جواب طلب کر لیا ہے اور کہا ہے کہ آئندہ سماعت پر تمام فریقین اپنی رپورٹ پیش کریں بصورت دیگر قانون کے مطابق کارروائی عمل میں لائی جائے گی۔
#slk
15
لاہور وزیر اعلیٰ نے اجلاس کی صدارت کرتے ہوئے کہا کہ عوام کی خدمت ہماری اولین ترجیح ہے اور تمام منصوبے بروقت مکمل کیے جائیں گے انہوں نے افسران کو ہدایت کی کہ وہ میرٹ پر کام کریں اور کسی قسم کی غفلت برداشت نہیں کی جائے گی۔
اسلام آباد قومی اسمبلی کے اجلاس میں اپوزیشن اور حکومتی ارکان کے درمیان مختلف امور پر بحث ہوئی جس میں معیشت، مہنگائی اور بے روزگاری کے مسائل زیر غور آئے اور ارکان نے اپنی تجاویز پیش کیں۔
کوئٹہ بلوچستان حکومت نے صوبے میں امن و امان کی صورتحال کو بہتر بنانے کے لیے سکیورٹی اداروں کے ساتھ مل کر جامع حکمت عملی تیار کی ہے جس کے تحت مختلف علاقوں میں اضافی نفری تعینات کی جائے گی۔
اسلام آباد نیب کی جانب سے اعلیٰ سطحی اجلاس میں بتایا گیا کہ ملک بھر میں جاری منصوبوں کی تحقیقات کا عمل تیز کر دیا گیا ہے اور متعلقہ حکام کو ہدایات جاری کر دی گئی ہیں کہ وہ مقررہ مدت کے اندر تمام ریکارڈ فراہم کریں تاکہ شفافیت کو یقینی بنایا جا سکے اور عوامی وسائل کا تحفظ ہو سکے۔
پشاور صوبائی حکومت نے صحت اور تعلیم کے شعبوں میں اصلاحات کا اعلان کرتے ہوئے کہا ہے کہ آئندہ مالی سال کے بجٹ میں ترقیاتی منصوبوں کے لیے خطیر رقم مختص کی جائے گی جس سے عوام کو براہ راست فائدہ پہنچے گا اور بنیادی سہولیات کی فراہمی میں بہتری آئے گی۔
کراچی سندھ ہائی کورٹ نے درخواست کی سماعت کرتے ہوئے متعلقہ اداروں سے جواب طلب کر لیا ہے اور کہا ہے کہ آئندہ سماعت پر تمام فریقین اپنی رپورٹ پیش کریں بصورت دیگر قانون کے مطابق کارروائی عمل میں لائی جائے گی۔
لاہور وزیر اعلیٰ نے اجلاس کی صدارت کرتے ہوئے کہا کہ عوام کی خدمت ہماری اولین ترجیح ہے اور تمام منصوبے بروقت مکمل کیے جائیں گے انہوں نے افسران کو ہدایت کی کہ وہ میرٹ پر کام کریں اور کسی قسم کی غفلت برداشت نہیں کی جائے گی۔
اسلام آباد قومی اسمبلی کے اجلاس میں اپوزیشن اور حکومتی ارکان کے درمیان مختلف امور پر بحث ہوئی جس میں معیشت، مہنگائی اور بے روزگاری کے مسائل زیر غور آئے اور ارکان نے اپنی تجاویز پیش کیں۔
کوئٹہ بلوچستان حکومت نے صوبے میں امن و امان کی صورتحال کو بہتر بنانے کے لیے سکیورٹی اداروں کے ساتھ مل کر جامع حکمت عملی تیار کی ہے جس کے تحت مختلف علاقوں میں اضافی نفری تعینات کی جائے گی۔
اسلام آباد نیب کی جانب سے اعلیٰ سطحی اجلاس میں بتایا گیا کہ ملک بھر میں جاری منصوبوں کی تحقیقات کا عمل تیز کر دیا گیا ہے اور متعلقہ حکام کو ہدایات جاری کر دی گئی ہیں کہ وہ مقررہ مدت کے اندر تمام ریکارڈ فراہم کریں تاکہ شفافیت کو یقینی بنایا جا سکے اور عوامی وسائل کا تحفظ ہو سکے۔
پشاور صوبائی حکومت نے صحت اور تعلیم کے شعبوں میں اصلاحات کا اعلان کرتے ہوئے کہا ہے کہ آئندہ مالی سال کے بجٹ میں ترقیاتی منصوبوں کے لیے خطیر رقم مختص کی جائے گی جس سے عوام کو براہ راست فائدہ پہنچے گا اور بنیادی سہولیات کی فراہمی میں بہتری آئے گی۔
کراچی سندھ ہائی کورٹ نے درخواست کی سماعت کرتے ہوئے متعلقہ اداروں سے جواب طلب کر لیا ہے اور کہا ہے کہ آئندہ سماعت پر تمام فریقین اپنی رپورٹ پیش کریں بصورت دیگر قانون کے مطابق کارروائی عمل میں لائی جائے گی۔
16
لاہور وزیر اعلیٰ نے اجلاس کی صدارت کرتے ہوئے کہا کہ عوام کی خدمت ہماری اولین ترجیح ہے اور تمام منصوبے بروقت مکمل کیے جائیں گے انہوں نے افسران کو ہدایت کی کہ وہ میرٹ پر کام کریں اور کسی قسم کی غفلت برداشت نہیں کی جائے گی۔
اسلام آباد قومی اسمبلی کے اجلاس میں اپوزیشن اور حکومتی ارکان کے درمیان مختلف امور پر بحث ہوئی جس میں معیشت، مہنگائی اور بے روزگاری کے مسائل زیر غور آئے اور ارکان نے اپنی تجاویز پیش کیں۔
کوئٹہ بلوچستان حکومت نے صوبے میں امن و امان کی صورتحال کو بہتر بنانے کے لیے سکیورٹی اداروں کے ساتھ مل کر جامع حکمت عملی تیار کی ہے جس کے تحت مختلف علاقوں میں اضافی نفری تعینات کی جائے گی۔
اسلام آباد نیب کی جانب سے اعلیٰ سطحی اجلاس میں بتایا گیا کہ ملک بھر میں جاری منصوبوں کی تحقیقات کا عمل تیز کر دیا گیا ہے اور متعلقہ حکام کو ہدایات جاری کر دی گئی ہیں کہ وہ مقررہ مدت کے اندر تمام ریکارڈ فراہم کریں تاکہ شفافیت کو یقینی بنایا جا سکے اور عوامی وسائل کا تحفظ ہو سکے۔
پشاور صوبائی حکومت نے صحت اور تعلیم کے شعبوں میں اصلاحات کا اعلان کرتے ہوئے کہا ہے کہ آئندہ مالی سال کے بجٹ میں ترقیاتی منصوبوں کے لیے خطیر رقم مختص کی جائے گی جس سے عوام کو براہ راست فائدہ پہنچے گا اور بنیادی سہولیات کی فراہمی میں بہتری آئے گی۔
کراچی سندھ ہائی کورٹ نے درخواست کی سماعت کرتے ہوئے متعلقہ اداروں سے جواب طلب کر لیا ہے اور کہا ہے کہ آئندہ سماعت پر تمام فریقین اپنی رپورٹ پیش کریں بصورت دیگر قانون کے مطابق کارروائی عمل میں لائی جائے گی۔
لاہور وزیر اعلیٰ نے اجلاس کی صدارت کرتے ہوئے کہا کہ عوام کی خدمت ہماری اولین ترجیح ہے اور تمام منصوبے بروقت مکمل کیے جائیں گے انہوں نے افسران کو ہدایت کی کہ وہ میرٹ پر کام کریں اور کسی قسم کی غفلت برداشت نہیں کی جائے گی۔
اسلام آباد قومی اسمبلی کے اجلاس میں اپوزیشن اور حکومتی ارکان کے درمیان مختلف امور پر بحث ہوئی جس میں معیشت، مہنگائی اور بے روزگاری کے مسائل زیر غور آئے اور ارکان نے اپنی تجاویز پیش کیں۔
کوئٹہ بلوچستان حکومت نے صوبے میں امن و امان کی صورتحال کو بہتر بنانے کے لیے سکیورٹی اداروں کے ساتھ مل کر جامع حکمت عملی تیار کی ہے جس کے تحت مختلف علاقوں میں اضافی نفری تعینات کی جائے گی۔
17
اسلام آباد نیب کی جانب سے اعلیٰ سطحی اجلاس میں بتایا گیا کہ ملک بھر میں جاری منصوبوں کی تحقیقات کا عمل تیز کر دیا گیا ہے اور متعلقہ حکام کو ہدایات جاری کر دی گئی ہیں کہ وہ مقررہ مدت کے اندر تمام ریکارڈ فراہم کریں تاکہ شفافیت کو یقینی بنایا جا سکے اور عوامی وسائل کا تحفظ ہو سکے۔
پشاور صوبائی حکومت نے صحت اور تعلیم کے شعبوں میں اصلاحات کا اعلان کرتے ہوئے کہا ہے کہ آئندہ مالی سال کے بجٹ میں ترقیاتی منصوبوں کے لیے خطیر رقم مختص کی جائے گی جس سے عوام کو براہ راست فائدہ پہنچے گا اور بنیادی سہولیات کی فراہمی میں بہتری آئے گی۔
کراچی سندھ ہائی کورٹ نے درخواست کی سماعت کرتے ہوئے متعلقہ اداروں سے جواب طلب کر لیا ہے اور کہا ہے کہ آئندہ سماعت پر تمام فریقین اپنی رپورٹ پیش کریں بصورت دیگر قانون کے مطابق کارروائی عمل میں لائی جائے گی۔
18
لاہور وزیر اعلیٰ نے اجلاس کی صدارت کرتے ہوئے کہا کہ عوام کی خدمت ہماری اولین ترجیح ہے اور تمام منصوبے بروقت مکمل کیے جائیں گے انہوں نے افسران کو ہدایت کی کہ وہ میرٹ پر کام کریں اور کسی قسم کی غفلت برداشت نہیں کی جائے گی۔
اسلام آباد قومی اسمبلی کے اجلاس میں اپوزیشن اور حکومتی ارکان کے درمیان مختلف امور پر بحث ہوئی جس میں معیشت، مہنگائی اور بے روزگاری کے مسائل زیر غور آئے اور ارکان نے اپنی تجاویز پیش کیں۔
کوئٹہ بلوچستان حکومت نے صوبے میں امن و امان کی صورتحال کو بہتر بنانے کے لیے سکیورٹی اداروں کے ساتھ مل کر جامع حکمت عملی تیار کی ہے جس کے تحت مختلف علاقوں میں اضافی نفری تعینات کی جائے گی۔
mk/ah
19
اسلام آباد نیب کی جانب سے اعلیٰ سطحی اجلاس میں بتایا گیا کہ ملک بھر میں جاری منصوبوں کی تحقیقات کا عمل تیز کر دیا گیا ہے اور متعلقہ حکام کو ہدایات جاری کر دی گئی ہیں کہ وہ مقررہ مدت کے اندر تمام ریکارڈ فراہم کریں تاکہ شفافیت کو یقینی بنایا جا سکے اور عوامی وسائل کا تحفظ ہو سکے۔
پشاور صوبائی حکومت نے صحت اور تعلیم کے شعبوں میں اصلاحات کا اعلان کرتے ہوئے کہا ہے کہ آئندہ مالی سال کے بجٹ میں ترقیاتی منصوبوں کے لیے خطیر رقم مختص کی جائے گی جس سے عوام کو براہ راست فائدہ پہنچے گا اور بنیادی سہولیات کی فراہمی میں بہتری آئے گی۔
mk/ah
20
کراچی سندھ ہائی کورٹ نے درخواست کی سماعت کرتے ہوئے متعلقہ اداروں سے جواب طلب کر لیا ہے اور کہا ہے کہ آئندہ سماعت پر تمام فریقین اپنی رپورٹ پیش کریں بصورت دیگر قانون کے مطابق کارروائی عمل میں لائی جائے گی۔
لاہور وزیر اعلیٰ نے اجلاس کی صدارت کرتے ہوئے کہا کہ عوام کی خدمت ہماری اولین ترجیح ہے اور تمام منصوبے بروقت مکمل کیے جائیں گے انہوں نے افسران کو ہدایت کی کہ وہ میرٹ پر کام کریں اور کسی قسم کی غفلت برداشت نہیں کی جائے گی۔
kollythomas
اسلام آباد قومی اسمبلی کے اجلاس میں اپوزیشن اور حکومتی ارکان کے درمیان مختلف امور پر بحث ہوئی جس میں معیشت، مہنگائی اور بے روزگاری کے مسائل زیر غور آئے اور ارکان نے اپنی تجاویز پیش کیں۔
کوئٹہ بلوچستان حکومت نے صوبے میں امن و امان کی صورتحال کو بہتر بنانے کے لیے سکیورٹی اداروں کے ساتھ مل کر جامع حکمت عملی تیار کی ہے جس کے تحت مختلف علاقوں میں اضافی نفری تعینات کی جائے گی۔
21
اسلام آباد نیب کی جانب سے اعلیٰ سطحی اجلاس میں بتایا گیا کہ ملک بھر میں جاری منصوبوں کی تحقیقات کا عمل تیز کر دیا گیا ہے اور متعلقہ حکام کو ہدایات جاری کر دی گئی ہیں کہ وہ مقررہ مدت کے اندر تمام ریکارڈ فراہم کریں تاکہ شفافیت کو یقینی بنایا جا سکے اور عوامی وسائل کا تحفظ ہو سکے۔
پشاور صوبائی حکومت نے صحت اور تعلیم کے شعبوں میں اصلاحات کا اعلان کرتے ہوئے کہا ہے کہ آئندہ مالی سال کے بجٹ میں ترقیاتی منصوبوں کے لیے خطیر رقم مختص کی جائے گی جس سے عوام کو براہ راست فائدہ پہنچے گا اور بنیادی سہولیات کی فراہمی میں بہتری آئے گی۔
22
کراچی سندھ ہائی کورٹ نے درخواست کی سماعت کرتے ہوئے متعلقہ اداروں سے جواب طلب کر لیا ہے اور کہا ہے کہ آئندہ سماعت پر تمام فریقین اپنی رپورٹ پیش کریں بصورت دیگر قانون کے مطابق کارروائی عمل میں لائی جائے گی۔
لاہور وزیر اعلیٰ نے اجلاس کی صدارت کرتے ہوئے کہا کہ عوام کی خدمت ہماری اولین ترجیح ہے اور تمام منصوبے بروقت مکمل کیے جائیں گے انہوں نے افسران کو ہدایت کی کہ وہ میرٹ پر کام کریں اور کسی قسم کی غفلت برداشت نہیں کی جائے گی۔
اسلام آباد قومی اسمبلی کے اجلاس میں اپوزیشن اور حکومتی ارکان کے درمیان مختلف امور پر بحث ہوئی جس میں معیشت، مہنگائی اور بے روزگاری کے مسائل زیر غور آئے اور ارکان نے اپنی تجاویز پیش کیں۔
کوئٹہ بلوچستان حکومت نے صوبے میں امن و امان کی صورتحال کو بہتر بنانے کے لیے سکیورٹی اداروں کے ساتھ مل کر جامع حکمت عملی تیار کی ہے جس کے تحت مختلف علاقوں میں اضافی نفری تعینات کی جائے گی۔
23
اسلام آباد نیب کی جانب سے اعلیٰ سطحی اجلاس میں بتایا گیا کہ ملک بھر میں جاری منصوبوں کی تحقیقات کا عمل تیز کر دیا گیا ہے اور متعلقہ حکام کو ہدایات جاری کر دی گئی ہیں کہ وہ مقررہ مدت کے اندر تمام ریکارڈ فراہم کریں تاکہ شفافیت کو یقینی بنایا جا سکے اور عوامی وسائل کا تحفظ ہو سکے۔
24
پشاور صوبائی حکومت نے صحت اور تعلیم کے شعبوں میں اصلاحات کا اعلان کرتے ہوئے کہا ہے کہ آئندہ مالی سال کے بجٹ میں ترقیاتی منصوبوں کے لیے خطیر رقم مختص کی جائے گی جس سے عوام کو براہ راست فائدہ پہنچے گا اور بنیادی سہولیات کی فراہمی میں بہتری آئے گی۔
کراچی سندھ ہائی کورٹ نے درخواست کی سماعت کرتے ہوئے متعلقہ اداروں سے جواب طلب کر لیا ہے اور کہا ہے کہ آئندہ سماعت پر تمام فریقین اپنی رپورٹ پیش کریں بصورت دیگر قانون کے مطابق کارروائی عمل میں لائی جائے گی۔
لاہور وزیر اعلیٰ نے اجلاس کی صدارت کرتے ہوئے کہا کہ عوام کی خدمت ہماری اولین ترجیح ہے اور تمام منصوبے بروقت مکمل کیے جائیں گے انہوں نے افسران کو ہدایت کی کہ وہ میرٹ پر کام کریں اور کسی قسم کی غفلت برداشت نہیں کی جائے گی۔
25
اسلام آباد قومی اسمبلی کے اجلاس میں اپوزیشن اور حکومتی ارکان کے درمیان مختلف امور پر بحث ہوئی جس میں معیشت، مہنگائی اور بے روزگاری کے مسائل زیر غور آئے اور ارکان نے اپنی تجاویز پیش کیں۔
26
کوئٹہ بلوچستان حکومت نے صوبے میں امن و امان کی صورتحال کو بہتر بنانے کے لیے سکیورٹی اداروں کے ساتھ مل کر جامع حکمت عملی تیار کی ہے جس کے تحت مختلف علاقوں میں اضافی نفری تعینات کی جائے گی۔
اسلام آباد نیب کی جانب سے اعلیٰ سطحی اجلاس میں بتایا گیا کہ ملک بھر میں جاری منصوبوں کی تحقیقات کا عمل تیز کر دیا گیا ہے اور متعلقہ حکام کو ہدایات جاری کر دی گئی ہیں کہ وہ مقررہ مدت کے اندر تمام ریکارڈ فراہم کریں تاکہ شفافیت کو یقینی بنایا جا سکے اور عوامی وسائل کا تحفظ ہو سکے۔
پشاور صوبائی حکومت نے صحت اور تعلیم کے شعبوں میں اصلاحات کا اعلان کرتے ہوئے کہا ہے کہ آئندہ مالی سال کے بجٹ میں ترقیاتی منصوبوں کے لیے خطیر رقم مختص کی جائے گی جس سے عوام کو براہ راست فائدہ پہنچے گا اور بنیادی سہولیات کی فراہمی میں بہتری آئے گی۔
کراچی سندھ ہائی کورٹ نے درخواست کی سماعت کرتے ہوئے متعلقہ اداروں سے جواب طلب کر لیا ہے اور کہا ہے کہ آئندہ سماعت پر تمام فریقین اپنی رپورٹ پیش کریں بصورت دیگر قانون کے مطابق کارروائی عمل میں لائی جائے گی۔
لاہور وزیر اعلیٰ نے اجلاس کی صدارت کرتے ہوئے کہا کہ عوام کی خدمت ہماری اولین ترجیح ہے اور تمام منصوبے بروقت مکمل کیے جائیں گے انہوں نے افسران کو ہدایت کی کہ وہ میرٹ پر کام کریں اور کسی قسم کی غفلت برداشت نہیں کی جائے گی۔
اسلام آباد قومی اسمبلی کے اجلاس میں اپوزیشن اور حکومتی ارکان کے درمیان مختلف امور پر بحث ہوئی جس میں معیشت، مہنگائی اور بے روزگاری کے مسائل زیر غور آئے اور ارکان نے اپنی تجاویز پیش کیں۔
کوئٹہ بلوچستان حکومت نے صوبے میں امن و امان کی صورتحال کو بہتر بنانے کے لیے سکیورٹی اداروں کے ساتھ مل کر جامع حکمت عملی تیار کی ہے جس کے تحت مختلف علاقوں میں اضافی نفری تعینات کی جائے گی۔
اسلام آباد نیب کی جانب سے اعلیٰ سطحی اجلاس میں بتایا گیا کہ ملک بھر میں جاری منصوبوں کی تحقیقات کا عمل تیز کر دیا گیا ہے اور متعلقہ حکام کو ہدایات جاری کر دی گئی ہیں کہ وہ مقررہ مدت کے اندر تمام ریکارڈ فراہم کریں تاکہ شفافیت کو یقینی بنایا جا سکے اور عوامی وسائل کا تحفظ ہو سکے۔
پشاور صوبائی حکومت نے صحت اور تعلیم کے شعبوں میں اصلاحات کا اعلان کرتے ہوئے کہا ہے کہ آئندہ مالی سال کے بجٹ میں ترقیاتی منصوبوں کے لیے خطیر رقم مختص کی جائے گی جس سے عوام کو براہ راست فائدہ پہنچے گا اور بنیادی سہولیات کی فراہمی میں بہتری آئے گی۔
کراچی سندھ ہائی کورٹ نے درخواست کی سماعت کرتے ہوئے متعلقہ اداروں سے جواب طلب کر لیا ہے اور کہا ہے کہ آئندہ سماعت پر تمام فریقین اپنی رپورٹ پیش کریں بصورت دیگر قانون کے مطابق کارروائی عمل میں لائی جائے گی۔
لاہور وزیر اعلیٰ نے اجلاس کی صدارت کرتے ہوئے کہا کہ عوام کی خدمت ہماری اولین ترجیح ہے اور تمام منصوبے بروقت مکمل کیے جائیں گے انہوں نے افسران کو ہدایت کی کہ وہ میرٹ پر کام کریں اور کسی قسم کی غفلت برداشت نہیں کی جائے گی۔
27
اسلام آباد قومی اسمبلی کے اجلاس میں اپوزیشن اور حکومتی ارکان کے درمیان مختلف امور پر بحث ہوئی جس میں معیشت، مہنگائی اور بے روزگاری کے مسائل زیر غور آئے اور ارکان نے اپنی تجاویز پیش کیں۔
ZS
28
کوئٹہ بلوچستان حکومت نے صوبے میں امن و امان کی صورتحال کو بہتر بنانے کے لیے سکیورٹی اداروں کے ساتھ مل کر جامع حکمت عملی تیار کی ہے جس کے تحت مختلف علاقوں میں اضافی نفری تعینات کی جائے گی۔
اسلام آباد نیب کی جانب سے اعلیٰ سطحی اجلاس میں بتایا گیا کہ ملک بھر میں جاری منصوبوں کی تحقیقات کا عمل تیز کر دیا گیا ہے اور متعلقہ حکام کو ہدایات جاری کر دی گئی ہیں کہ وہ مقررہ مدت کے اندر تمام ریکارڈ فراہم کریں تاکہ شفافیت کو یقینی بنایا جا سکے اور عوامی وسائل کا تحفظ ہو سکے۔
پشاور صوبائی حکومت نے صحت اور تعلیم کے شعبوں میں اصلاحات کا اعلان کرتے ہوئے کہا ہے کہ آئندہ مالی سال کے بجٹ میں ترقیاتی منصوبوں کے لیے خطیر رقم مختص کی جائے گی جس سے عوام کو براہ راست فائدہ پہنچے گا اور بنیادی سہولیات کی فراہمی میں بہتری آئے گی۔
کراچی سندھ ہائی کورٹ نے درخواست کی سماعت کرتے ہوئے متعلقہ اداروں سے جواب طلب کر لیا ہے اور کہا ہے کہ آئندہ سماعت پر تمام فریقین اپنی رپورٹ پیش کریں بصورت دیگر قانون کے مطابق کارروائی عمل میں لائی جائے گی۔
لاہور وزیر اعلیٰ نے اجلاس کی صدارت کرتے ہوئے کہا کہ عوام کی خدمت ہماری اولین ترجیح ہے اور تمام منصوبے بروقت مکمل کیے جائیں گے انہوں نے افسران کو ہدایت کی کہ وہ میرٹ پر کام کریں اور کسی قسم کی غفلت برداشت نہیں کی جائے گی۔
اسلام آباد قومی اسمبلی کے اجلاس میں اپوزیشن اور حکومتی ارکان کے درمیان مختلف امور پر بحث ہوئی جس میں معیشت، مہنگائی اور بے روزگاری کے مسائل زیر غور آئے اور ارکان نے اپنی تجاویز پیش کیں۔
کوئٹہ بلوچستان حکومت نے صوبے میں امن و امان کی صورتحال کو بہتر بنانے کے لیے سکیورٹی اداروں کے ساتھ مل کر جامع حکمت عملی تیار کی ہے جس کے تحت مختلف علاقوں میں اضافی نفری تعینات کی جائے گی۔
اسلام آباد نیب کی جانب سے اعلیٰ سطحی اجلاس میں بتایا گیا کہ ملک بھر میں جاری منصوبوں کی تحقیقات کا عمل تیز کر دیا گیا ہے اور متعلقہ حکام کو ہدایات جاری کر دی گئی ہیں کہ وہ مقررہ مدت کے اندر تمام ریکارڈ فراہم کریں تاکہ شفافیت کو یقینی بنایا جا سکے اور عوامی وسائل کا تحفظ ہو سکے۔
پشاور صوبائی حکومت نے صحت اور تعلیم کے شعبوں میں اصلاحات کا اعلان کرتے ہوئے کہا ہے کہ آئندہ مالی سال کے بجٹ میں ترقیاتی منصوبوں کے لیے خطیر رقم مختص کی جائے گی جس سے عوام کو براہ راست فائدہ پہنچے گا اور بنیادی سہولیات کی فراہمی میں بہتری آئے گی۔
کراچی سندھ ہائی کورٹ نے درخواست کی سماعت کرتے ہوئے متعلقہ اداروں سے جواب طلب کر لیا ہے اور کہا ہے کہ آئندہ سماعت پر تمام فریقین اپنی رپورٹ پیش کریں بصورت دیگر قانون کے مطابق کارروائی عمل میں لائی جائے گی۔
لاہور وزیر اعلیٰ نے اجلاس کی صدارت کرتے ہوئے کہا کہ عوام کی خدمت ہماری اولین ترجیح ہے اور تمام منصوبے بروقت مکمل کیے جائیں گے انہوں نے افسران کو ہدایت کی کہ وہ میرٹ پر کام کریں اور کسی قسم کی غفلت برداشت نہیں کی جائے گی۔
اسلام آباد قومی اسمبلی کے اجلاس میں اپوزیشن اور حکومتی ارکان کے درمیان مختلف امور پر بحث ہوئی جس میں معیشت، مہنگائی اور بے روزگاری کے مسائل زیر غور آئے اور ارکان نے اپنی تجاویز پیش کیں۔
کوئٹہ بلوچستان حکومت نے صوبے میں امن و امان کی صورتحال کو بہتر بنانے کے لیے سکیورٹی اداروں کے ساتھ مل کر جامع حکمت عملی تیار کی ہے جس کے تحت مختلف علاقوں میں اضافی نفری تعینات کی جائے گی۔
اسلام آباد نیب کی جانب سے اعلیٰ سطحی اجلاس میں بتایا گیا کہ ملک بھر میں جاری منصوبوں کی تحقیقات کا عمل تیز کر دیا گیا ہے اور متعلقہ حکام کو ہدایات جاری کر دی گئی ہیں کہ وہ مقررہ مدت کے اندر تمام ریکارڈ فراہم کریں تاکہ شفافیت کو یقینی بنایا جا سکے اور عوامی وسائل کا تحفظ ہو سکے۔
پشاور صوبائی حکومت نے صحت اور تعلیم کے شعبوں میں اصلاحات کا اعلان کرتے ہوئے کہا ہے کہ آئندہ مالی سال کے بجٹ میں ترقیاتی منصوبوں کے لیے خطیر رقم مختص کی جائے گی جس سے عوام کو براہ راست فائدہ پہنچے گا اور بنیادی سہولیات کی فراہمی میں بہتری آئے گی۔
کراچی سندھ ہائی کورٹ نے درخواست کی سماعت کرتے ہوئے متعلقہ اداروں سے جواب طلب کر لیا ہے اور کہا ہے کہ آئندہ سماعت پر تمام فریقین اپنی رپورٹ پیش کریں بصورت دیگر قانون کے مطابق کارروائی عمل میں لائی جائے گی۔
لاہور وزیر اعلیٰ نے اجلاس کی صدارت کرتے ہوئے کہا کہ عوام کی خدمت ہماری اولین ترجیح ہے اور تمام منصوبے بروقت مکمل کیے جائیں گے انہوں نے افسران کو ہدایت کی کہ وہ میرٹ پر کام کریں اور کسی قسم کی غفلت برداشت نہیں کی جائے گی۔
29
اسلام آباد قومی اسمبلی کے اجلاس میں اپوزیشن اور حکومتی ارکان کے درمیان مختلف امور پر بحث ہوئی جس میں معیشت، مہنگائی اور بے روزگاری کے مسائل زیر غور آئے اور ارکان نے اپنی تجاویز پیش کیں۔
کوئٹہ بلوچستان حکومت نے صوبے میں امن و امان کی صورتحال کو بہتر بنانے کے لیے سکیورٹی اداروں کے ساتھ مل کر جامع حکمت عملی تیار کی ہے جس کے تحت مختلف علاقوں میں اضافی نفری تعینات کی جائے گی۔
اسلام آباد نیب کی جانب سے اعلیٰ سطحی اجلاس میں بتایا گیا کہ ملک بھر میں جاری منصوبوں کی تحقیقات کا عمل تیز کر دیا گیا ہے اور متعلقہ حکام کو ہدایات جاری کر دی گئی ہیں کہ وہ مقررہ مدت کے اندر تمام ریکارڈ فراہم کریں تاکہ شفافیت کو یقینی بنایا جا سکے اور عوامی وسائل کا تحفظ ہو سکے۔
پشاور صوبائی حکومت نے صحت اور تعلیم کے شعبوں میں اصلاحات کا اعلان کرتے ہوئے کہا ہے کہ آئندہ مالی سال کے بجٹ میں ترقیاتی منصوبوں کے لیے خطیر رقم مختص کی جائے گی جس سے عوام کو براہ راست فائدہ پہنچے گا اور بنیادی سہولیات کی فراہمی میں بہتری آئے گی۔
30
کراچی سندھ ہائی کورٹ نے درخواست کی سماعت کرتے ہوئے متعلقہ اداروں سے جواب طلب کر لیا ہے اور کہا ہے کہ آئندہ سماعت پر تمام فریقین اپنی رپورٹ پیش کریں بصورت دیگر قانون کے مطابق کارروائی عمل میں لائی جائے گی۔
لاہور وزیر اعلیٰ نے اجلاس کی صدارت کرتے ہوئے کہا کہ عوام کی خدمت ہماری اولین ترجیح ہے اور تمام منصوبے بروقت مکمل کیے جائیں گے انہوں نے افسران کو ہدایت کی کہ وہ میرٹ پر کام کریں اور کسی قسم کی غفلت برداشت نہیں کی جائے گی۔
اسلام آباد قومی اسمبلی کے اجلاس میں اپوزیشن اور حکومتی ارکان کے درمیان مختلف امور پر بحث ہوئی جس میں معیشت، مہنگائی اور بے روزگاری کے مسائل زیر غور آئے اور ارکان نے اپنی تجاویز پیش کیں۔
31
کوئٹہ بلوچستان حکومت نے صوبے میں امن و امان کی صورتحال کو بہتر بنانے کے لیے سکیورٹی اداروں کے ساتھ مل کر جامع حکمت عملی تیار کی ہے جس کے تحت مختلف علاقوں میں اضافی نفری تعینات کی جائے گی۔
اسلام آباد نیب کی جانب سے اعلیٰ سطحی اجلاس میں بتایا گیا کہ ملک بھر میں جاری منصوبوں کی تحقیقات کا عمل تیز کر دیا گیا ہے اور متعلقہ حکام کو ہدایات جاری کر دی گئی ہیں کہ وہ مقررہ مدت کے اندر تمام ریکارڈ فراہم کریں تاکہ شفافیت کو یقینی بنایا جا سکے اور عوامی وسائل کا تحفظ ہو سکے۔
پشاور صوبائی حکومت نے صحت اور تعلیم کے شعبوں میں اصلاحات کا اعلان کرتے ہوئے کہا ہے کہ آئندہ مالی سال کے بجٹ میں ترقیاتی منصوبوں کے لیے خطیر رقم مختص کی جائے گی جس سے عوام کو براہ راست فائدہ پہنچے گا اور بنیادی سہولیات کی فراہمی میں بہتری آئے گی۔
کراچی سندھ ہائی کورٹ نے درخواست کی سماعت کرتے ہوئے متعلقہ اداروں سے جواب طلب کر لیا ہے اور کہا ہے کہ آئندہ سماعت پر تمام فریقین اپنی رپورٹ پیش کریں بصورت دیگر قانون کے مطابق کارروائی عمل میں لائی جائے گی۔
لاہور وزیر اعلیٰ نے اجلاس کی صدارت کرتے ہوئے کہا کہ عوام کی خدمت ہماری اولین ترجیح ہے اور تمام منصوبے بروقت مکمل کیے جائیں گے انہوں نے افسران کو ہدایت کی کہ وہ میرٹ پر کام کریں اور کسی قسم کی غفلت برداشت نہیں کی جائے گی۔
اسلام آباد قومی اسمبلی کے اجلاس میں اپوزیشن اور حکومتی ارکان کے درمیان مختلف امور پر بحث ہوئی جس میں معیشت، مہنگائی اور بے روزگاری کے مسائل زیر غور آئے اور ارکان نے اپنی تجاویز پیش کیں۔
کوئٹہ بلوچستان حکومت نے صوبے میں امن و امان کی صورتحال کو بہتر بنانے کے لیے سکیورٹی اداروں کے ساتھ مل کر جامع حکمت عملی تیار کی ہے جس کے تحت مختلف علاقوں میں اضافی نفری تعینات کی جائے گی۔
اسلام آباد نیب کی جانب سے اعلیٰ سطحی اجلاس میں بتایا گیا کہ ملک بھر میں جاری منصوبوں کی تحقیقات کا عمل تیز کر دیا گیا ہے اور متعلقہ حکام کو ہدایات جاری کر دی گئی ہیں کہ وہ مقررہ مدت کے اندر تمام ریکارڈ فراہم کریں تاکہ شفافیت کو یقینی بنایا جا سکے اور عوامی وسائل کا تحفظ ہو سکے۔
32
پشاور صوبائی حکومت نے صحت اور تعلیم کے شعبوں میں اصلاحات کا اعلان کرتے ہوئے کہا ہے کہ آئندہ مالی سال کے بجٹ میں ترقیاتی منصوبوں کے لیے خطیر رقم مختص کی جائے گی جس سے عوام کو براہ راست فائدہ پہنچے گا اور بنیادی سہولیات کی فراہمی میں بہتری آئے گی۔
33
mk/ah
34
کراچی سندھ ہائی کورٹ نے درخواست کی سماعت کرتے ہوئے متعلقہ اداروں سے جواب طلب کر لیا ہے اور کہا ہے کہ آئندہ سماعت پر تمام فریقین اپنی رپورٹ پیش کریں بصورت دیگر قانون کے مطابق کارروائی عمل میں لائی جائے گی۔
لاہور وزیر اعلیٰ نے اجلاس کی صدارت کرتے ہوئے کہا کہ عوام کی خدمت ہماری اولین ترجیح ہے اور تمام منصوبے بروقت مکمل کیے جائیں گے انہوں نے افسران کو ہدایت کی کہ وہ میرٹ پر کام کریں اور کسی قسم کی غفلت برداشت نہیں کی جائے گی۔
اسلام آباد قومی اسمبلی کے اجلاس میں اپوزیشن اور حکومتی ارکان کے درمیان مختلف امور پر بحث ہوئی جس میں معیشت، مہنگائی اور بے روزگاری کے مسائل زیر غور آئے اور ارکان نے اپنی تجاویز پیش کیں۔
کوئٹہ بلوچستان حکومت نے صوبے میں امن و امان کی صورتحال کو بہتر بنانے کے لیے سکیورٹی اداروں کے ساتھ مل کر جامع حکمت عملی تیار کی ہے جس کے تحت مختلف علاقوں میں اضافی نفری تعینات کی جائے گی۔
اسلام آباد نیب کی جانب سے اعلیٰ سطحی اجلاس میں بتایا گیا کہ ملک بھر میں جاری منصوبوں کی تحقیقات کا عمل تیز کر دیا گیا ہے اور متعلقہ حکام کو ہدایات جاری کر دی گئی ہیں کہ وہ مقررہ مدت کے اندر تمام ریکارڈ فراہم کریں تاکہ شفافیت کو یقینی بنایا جا سکے اور عوامی وسائل کا تحفظ ہو سکے۔
پشاور صوبائی حکومت نے صحت اور تعلیم کے شعبوں میں اصلاحات کا اعلان کرتے ہوئے کہا ہے کہ آئندہ مالی سال کے بجٹ میں ترقیاتی منصوبوں کے لیے خطیر رقم مختص کی جائے گی جس سے عوام کو براہ راست فائدہ پہنچے گا اور بنیادی سہولیات کی فراہمی میں بہتری آئے گی۔
